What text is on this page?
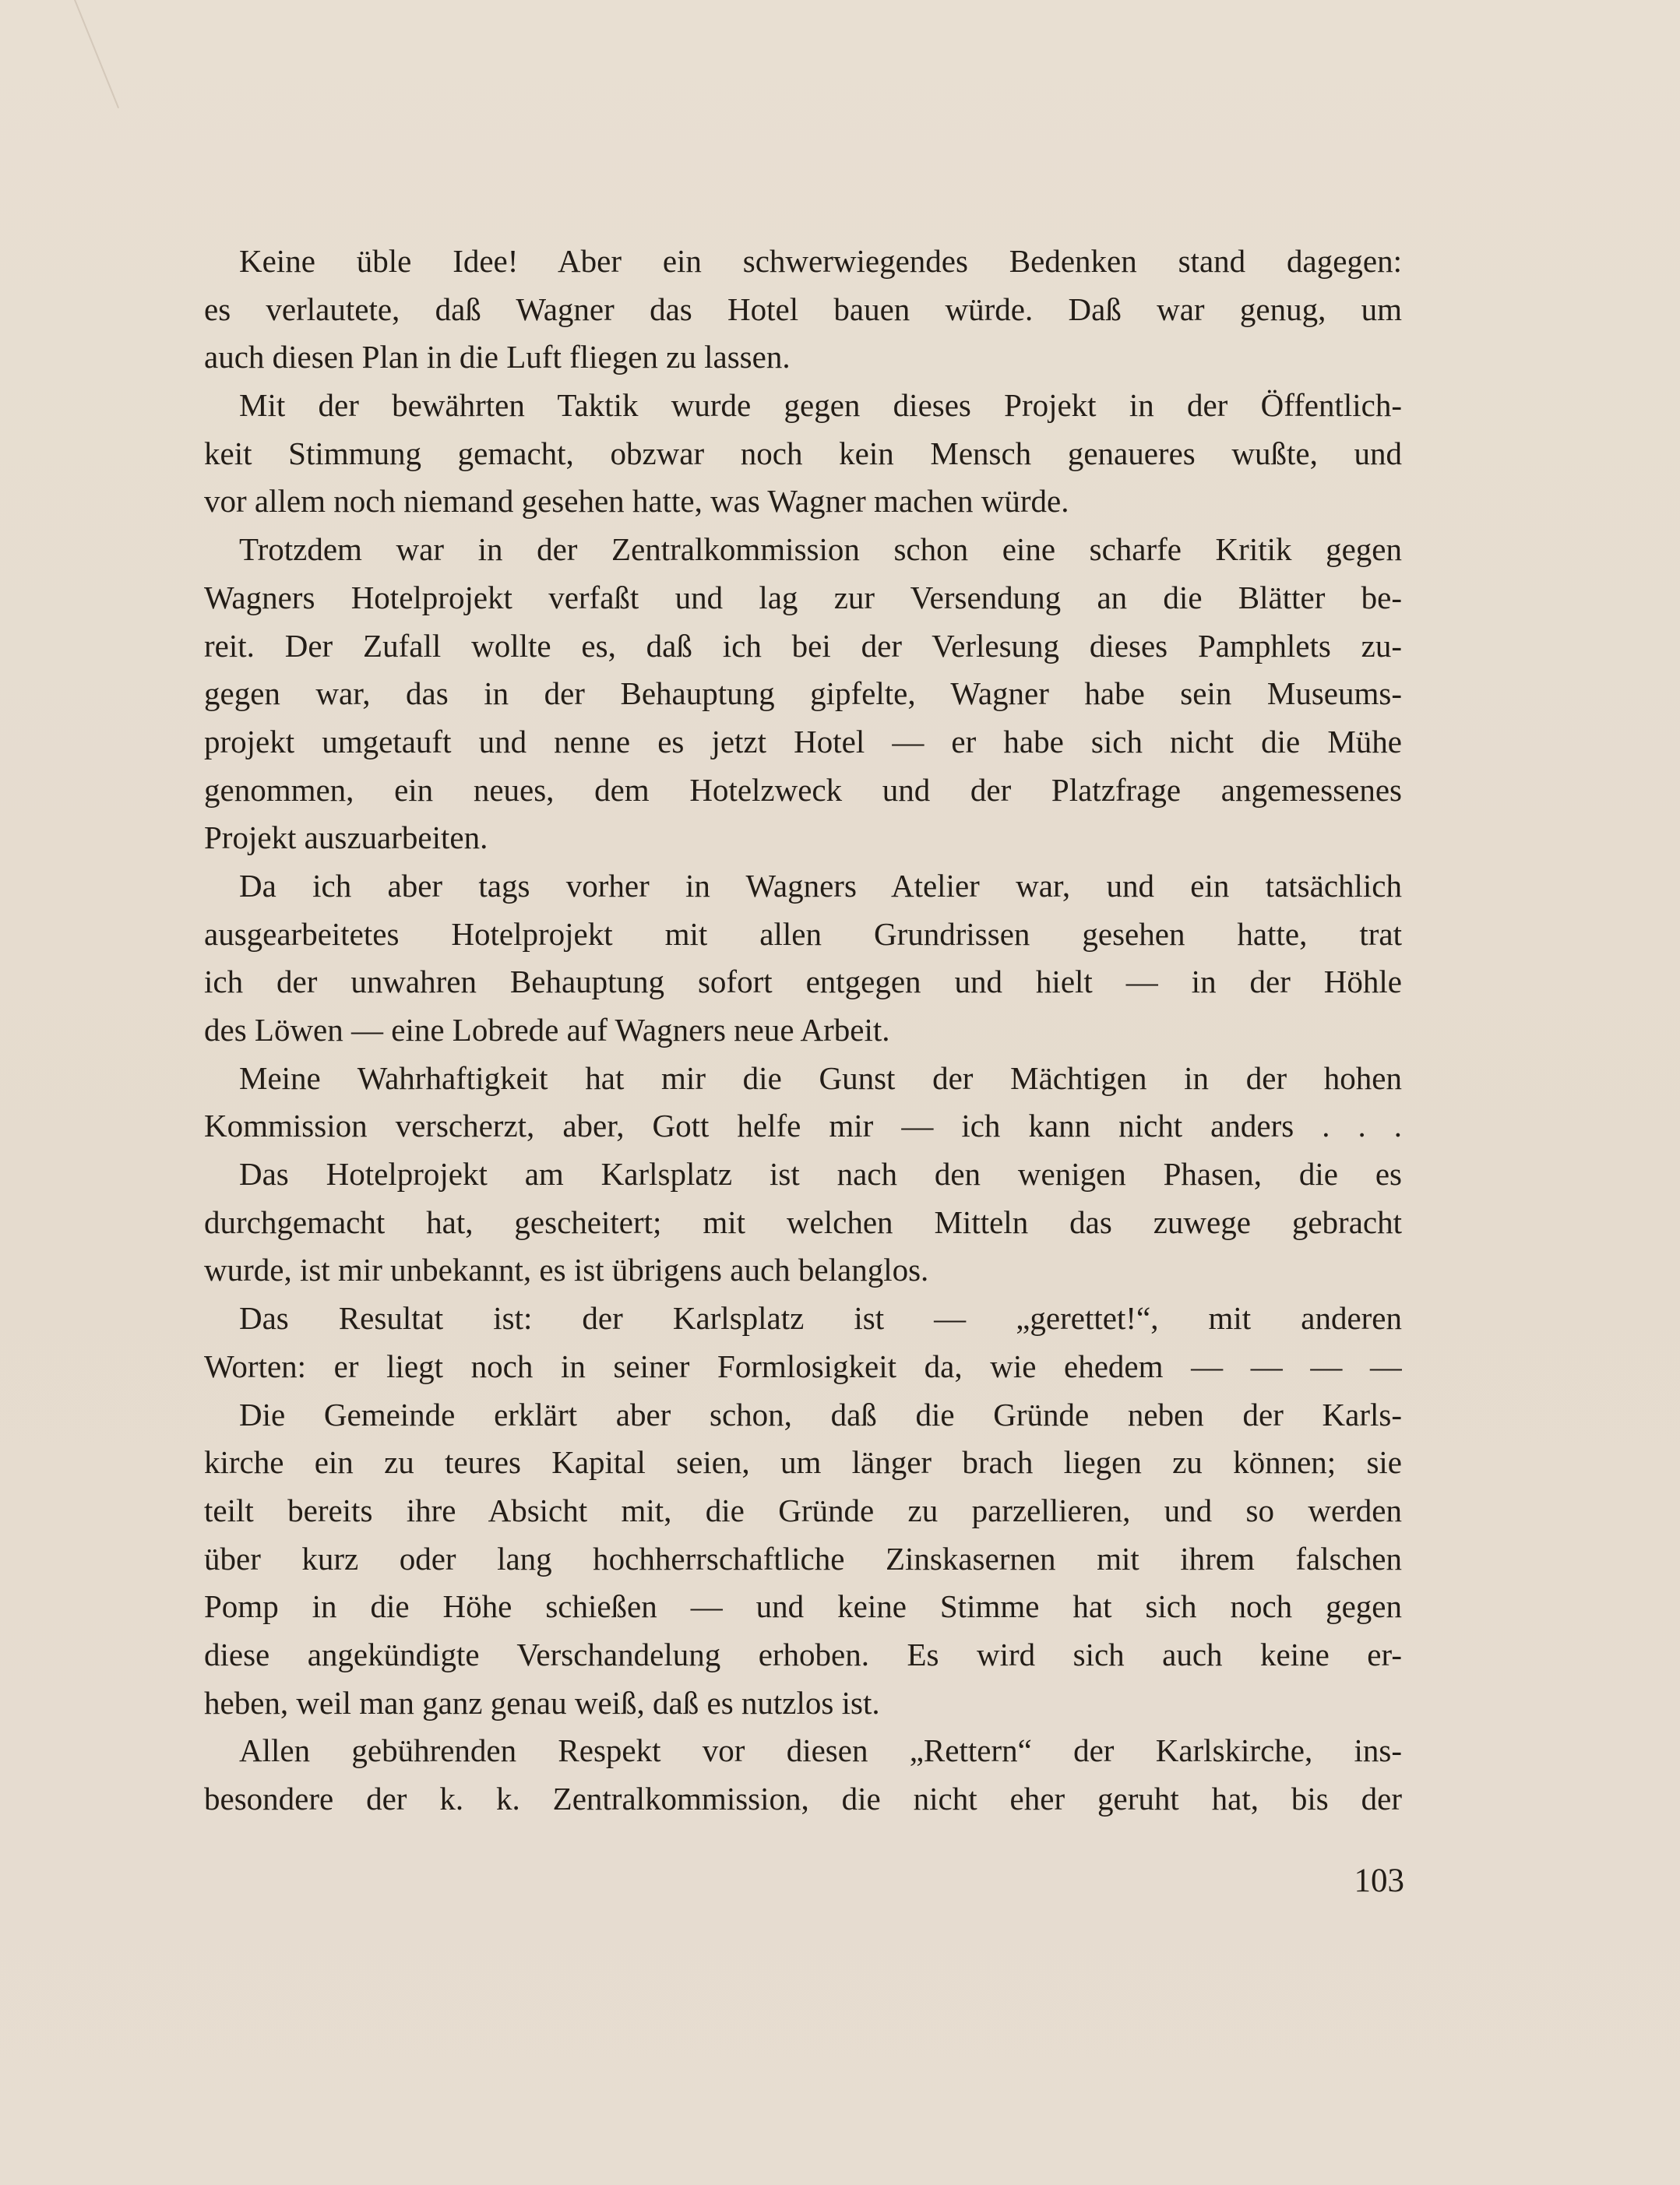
Keine üble Idee! Aber ein schwerwiegendes Bedenken stand dagegen:
es verlautete, daß Wagner das Hotel bauen würde. Daß war genug, um
auch diesen Plan in die Luft fliegen zu lassen.
Mit der bewährten Taktik wurde gegen dieses Projekt in der Öffentlich-
keit Stimmung gemacht, obzwar noch kein Mensch genaueres wußte, und
vor allem noch niemand gesehen hatte, was Wagner machen würde.
Trotzdem war in der Zentralkommission schon eine scharfe Kritik gegen
Wagners Hotelprojekt verfaßt und lag zur Versendung an die Blätter be-
reit. Der Zufall wollte es, daß ich bei der Verlesung dieses Pamphlets zu-
gegen war, das in der Behauptung gipfelte, Wagner habe sein Museums-
projekt umgetauft und nenne es jetzt Hotel — er habe sich nicht die Mühe
genommen, ein neues, dem Hotelzweck und der Platzfrage angemessenes
Projekt auszuarbeiten.
Da ich aber tags vorher in Wagners Atelier war, und ein tatsächlich
ausgearbeitetes Hotelprojekt mit allen Grundrissen gesehen hatte, trat
ich der unwahren Behauptung sofort entgegen und hielt — in der Höhle
des Löwen — eine Lobrede auf Wagners neue Arbeit.
Meine Wahrhaftigkeit hat mir die Gunst der Mächtigen in der hohen
Kommission verscherzt, aber, Gott helfe mir — ich kann nicht anders . . .
Das Hotelprojekt am Karlsplatz ist nach den wenigen Phasen, die es
durchgemacht hat, gescheitert; mit welchen Mitteln das zuwege gebracht
wurde, ist mir unbekannt, es ist übrigens auch belanglos.
Das Resultat ist: der Karlsplatz ist — „gerettet!“, mit anderen
Worten: er liegt noch in seiner Formlosigkeit da, wie ehedem — — — —
Die Gemeinde erklärt aber schon, daß die Gründe neben der Karls-
kirche ein zu teures Kapital seien, um länger brach liegen zu können; sie
teilt bereits ihre Absicht mit, die Gründe zu parzellieren, und so werden
über kurz oder lang hochherrschaftliche Zinskasernen mit ihrem falschen
Pomp in die Höhe schießen — und keine Stimme hat sich noch gegen
diese angekündigte Verschandelung erhoben. Es wird sich auch keine er-
heben, weil man ganz genau weiß, daß es nutzlos ist.
Allen gebührenden Respekt vor diesen „Rettern“ der Karlskirche, ins-
besondere der k. k. Zentralkommission, die nicht eher geruht hat, bis der
103
